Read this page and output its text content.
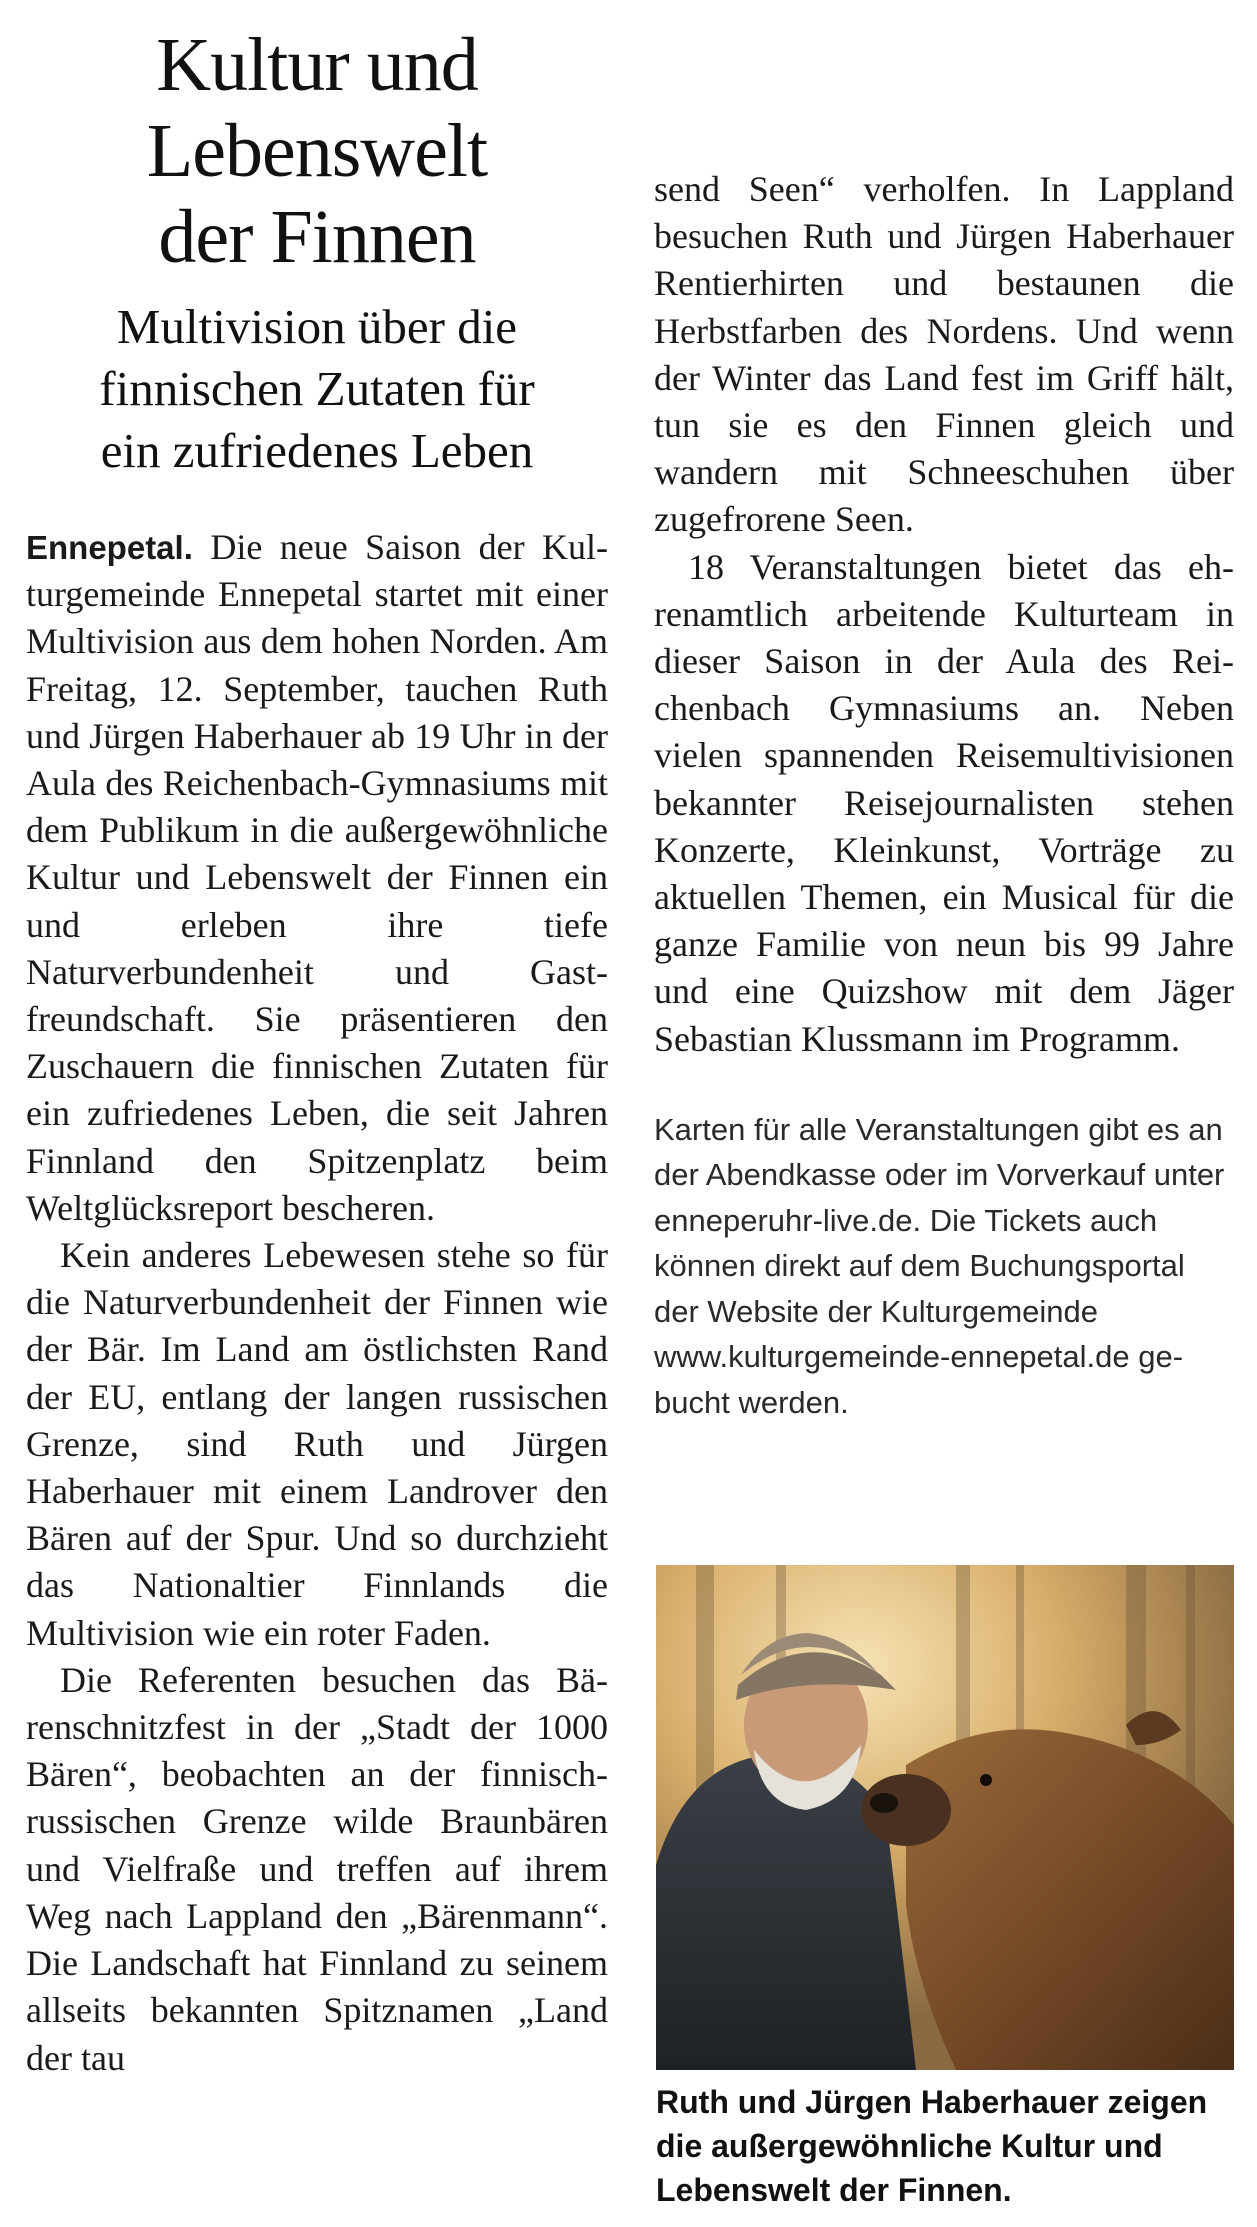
Kultur und
Lebenswelt
der Finnen
Multivision über die
finnischen Zutaten für
ein zufriedenes Leben

Ennepetal. Die neue Saison der Kulturgemeinde Ennepetal startet mit einer Multivision aus dem hohen Norden. Am Freitag, 12. September, tauchen Ruth und Jürgen Haberhauer ab 19 Uhr in der Aula des Reichenbach-Gymnasiums mit dem Publikum in die außergewöhnliche Kultur und Lebenswelt der Finnen ein und erleben ihre tiefe Naturverbundenheit und Gastfreundschaft. Sie präsentieren den Zuschauern die finnischen Zutaten für ein zufriedenes Leben, die seit Jahren Finnland den Spitzenplatz beim Weltglücksreport bescheren.

Kein anderes Lebewesen stehe so für die Naturverbundenheit der Finnen wie der Bär. Im Land am östlichsten Rand der EU, entlang der langen russischen Grenze, sind Ruth und Jürgen Haberhauer mit einem Landrover den Bären auf der Spur. Und so durchzieht das Nationaltier Finnlands die Multivision wie ein roter Faden.

Die Referenten besuchen das Bärenschnitzfest in der „Stadt der 1000 Bären“, beobachten an der finnisch-russischen Grenze wilde Braunbären und Vielfraße und treffen auf ihrem Weg nach Lappland den „Bärenmann“. Die Landschaft hat Finnland zu seinem allseits bekannten Spitznamen „Land der tau

send Seen“ verholfen. In Lappland besuchen Ruth und Jürgen Haberhauer Rentierhirten und bestaunen die Herbstfarben des Nordens. Und wenn der Winter das Land fest im Griff hält, tun sie es den Finnen gleich und wandern mit Schneeschuhen über zugefrorene Seen.

18 Veranstaltungen bietet das ehrenamtlich arbeitende Kulturteam in dieser Saison in der Aula des Reichenbach Gymnasiums an. Neben vielen spannenden Reisemultivisionen bekannter Reisejournalisten stehen Konzerte, Kleinkunst, Vorträge zu aktuellen Themen, ein Musical für die ganze Familie von neun bis 99 Jahre und eine Quizshow mit dem Jäger Sebastian Klussmann im Programm.

Karten für alle Veranstaltungen gibt es an der Abendkasse oder im Vorverkauf unter enneperuhr-live.de. Die Tickets auch können direkt auf dem Buchungsportal der Website der Kulturgemeinde www.kulturgemeinde-ennepetal.de gebucht werden.

Ruth und Jürgen Haberhauer zeigen die außergewöhnliche Kultur und Lebenswelt der Finnen.
